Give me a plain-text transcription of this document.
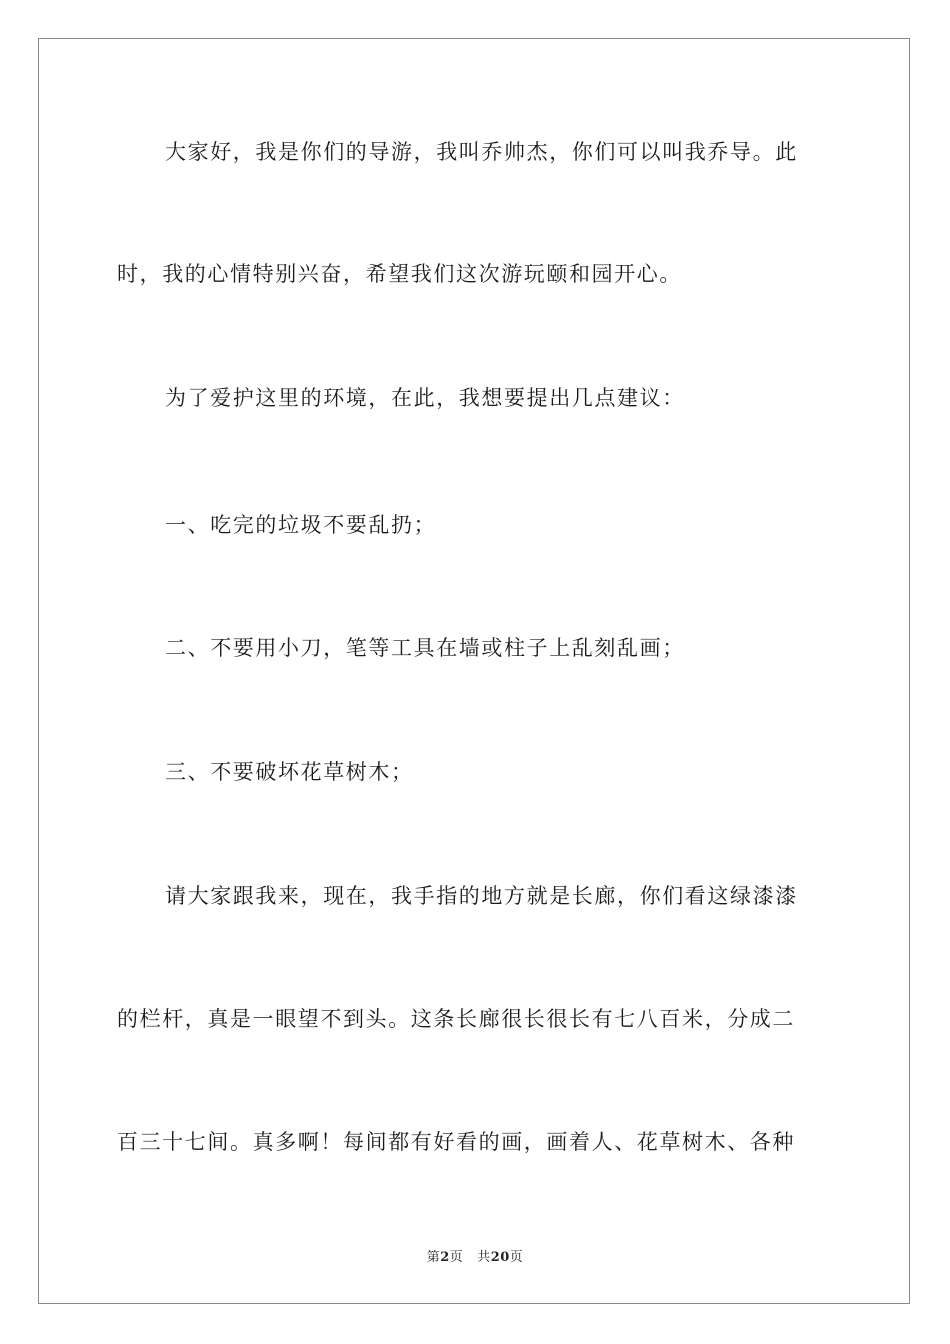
大家好，我是你们的导游，我叫乔帅杰，你们可以叫我乔导。此
时，我的心情特别兴奋，希望我们这次游玩颐和园开心。
为了爱护这里的环境，在此，我想要提出几点建议：
一、吃完的垃圾不要乱扔；
二、不要用小刀，笔等工具在墙或柱子上乱刻乱画；
三、不要破坏花草树木；
请大家跟我来，现在，我手指的地方就是长廊，你们看这绿漆漆
的栏杆，真是一眼望不到头。这条长廊很长很长有七八百米，分成二
百三十七间。真多啊！每间都有好看的画，画着人、花草树木、各种
第2页 共20页
